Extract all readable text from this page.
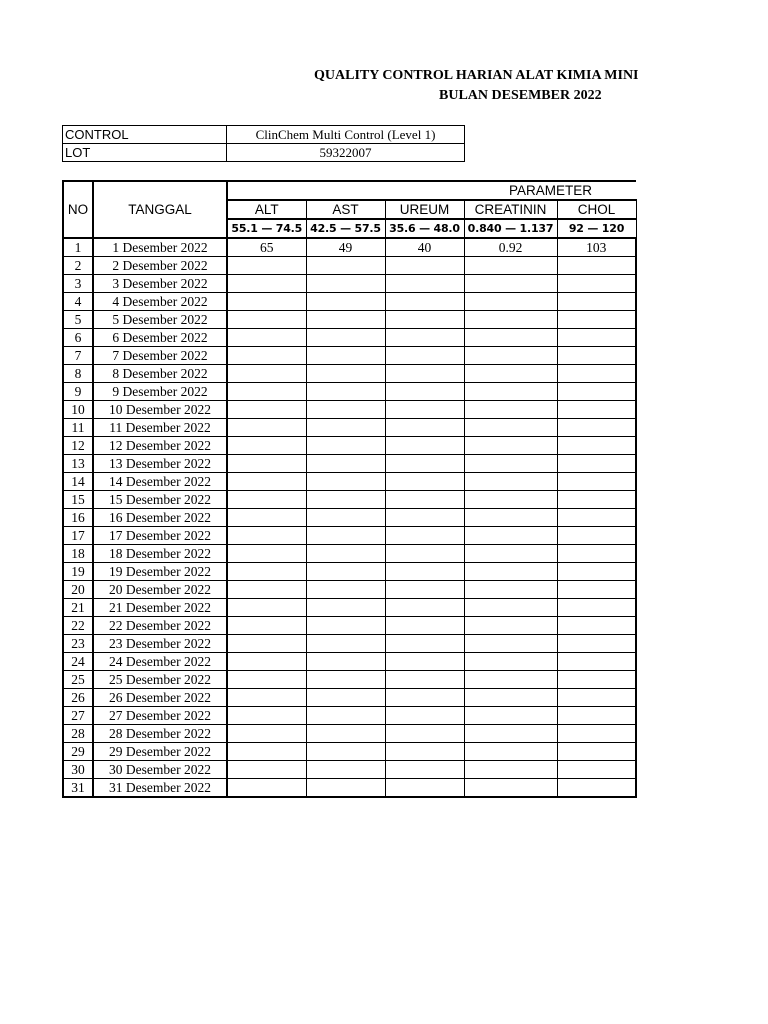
QUALITY CONTROL HARIAN ALAT KIMIA MINI
BULAN DESEMBER 2022
CONTROL	ClinChem Multi Control (Level 1)
LOT	59322007
NO	TANGGAL	PARAMETER				
		ALT	AST	UREUM	CREATININ	CHOL
		55.1 — 74.5	42.5 — 57.5	35.6 — 48.0	0.840 — 1.137	92 — 120
1	1 Desember 2022	65	49	40	0.92	103
2	2 Desember 2022					
3	3 Desember 2022					
4	4 Desember 2022					
5	5 Desember 2022					
6	6 Desember 2022					
7	7 Desember 2022					
8	8 Desember 2022					
9	9 Desember 2022					
10	10 Desember 2022					
11	11 Desember 2022					
12	12 Desember 2022					
13	13 Desember 2022					
14	14 Desember 2022					
15	15 Desember 2022					
16	16 Desember 2022					
17	17 Desember 2022					
18	18 Desember 2022					
19	19 Desember 2022					
20	20 Desember 2022					
21	21 Desember 2022					
22	22 Desember 2022					
23	23 Desember 2022					
24	24 Desember 2022					
25	25 Desember 2022					
26	26 Desember 2022					
27	27 Desember 2022					
28	28 Desember 2022					
29	29 Desember 2022					
30	30 Desember 2022					
31	31 Desember 2022					
